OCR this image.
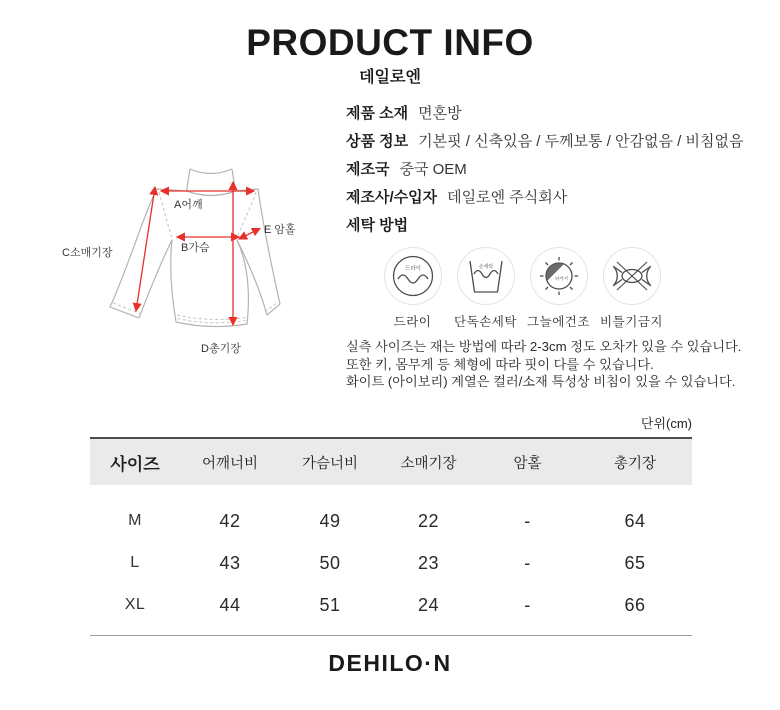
PRODUCT INFO
데일로엔
A어깨
B가슴
C소매기장
D총기장
E 암홀
제품 소재 면혼방
상품 정보 기본핏 / 신축있음 / 두께보통 / 안감없음 / 비침없음
제조국 중국 OEM
제조사/수입자 데일로엔 주식회사
세탁 방법
드라이
드라이
손세탁
단독손세탁
뉘어서
그늘에건조 비틀기금지
실측 사이즈는 재는 방법에 따라 2-3cm 정도 오차가 있을 수 있습니다.
또한 키, 몸무게 등 체형에 따라 핏이 다를 수 있습니다.
화이트 (아이보리) 계열은 컬러/소재 특성상 비침이 있을 수 있습니다.
단위(cm)
사이즈	어깨너비	가슴너비	소매기장	암홀	총기장
M	42	49	22	-	64
L	43	50	23	-	65
XL	44	51	24	-	66
DEHILO·N
